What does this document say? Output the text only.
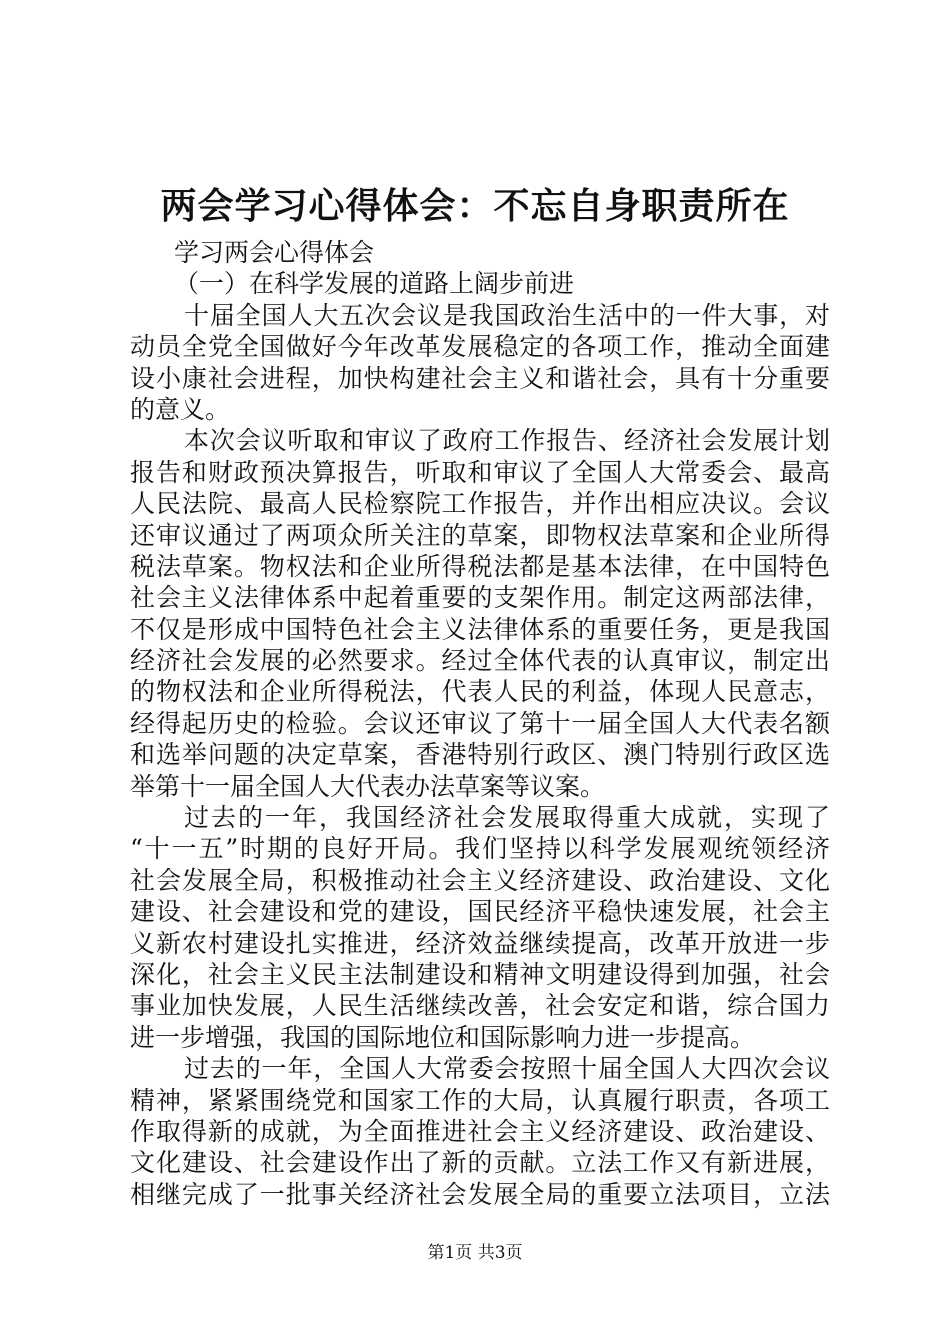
两会学习心得体会：不忘自身职责所在
学习两会心得体会
（一）在科学发展的道路上阔步前进
十届全国人大五次会议是我国政治生活中的一件大事，对
动员全党全国做好今年改革发展稳定的各项工作，推动全面建
设小康社会进程，加快构建社会主义和谐社会，具有十分重要
的意义。
本次会议听取和审议了政府工作报告、经济社会发展计划
报告和财政预决算报告，听取和审议了全国人大常委会、最高
人民法院、最高人民检察院工作报告，并作出相应决议。会议
还审议通过了两项众所关注的草案，即物权法草案和企业所得
税法草案。物权法和企业所得税法都是基本法律，在中国特色
社会主义法律体系中起着重要的支架作用。制定这两部法律，
不仅是形成中国特色社会主义法律体系的重要任务，更是我国
经济社会发展的必然要求。经过全体代表的认真审议，制定出
的物权法和企业所得税法，代表人民的利益，体现人民意志，
经得起历史的检验。会议还审议了第十一届全国人大代表名额
和选举问题的决定草案，香港特别行政区、澳门特别行政区选
举第十一届全国人大代表办法草案等议案。
过去的一年，我国经济社会发展取得重大成就，实现了
“十一五”时期的良好开局。我们坚持以科学发展观统领经济
社会发展全局，积极推动社会主义经济建设、政治建设、文化
建设、社会建设和党的建设，国民经济平稳快速发展，社会主
义新农村建设扎实推进，经济效益继续提高，改革开放进一步
深化，社会主义民主法制建设和精神文明建设得到加强，社会
事业加快发展，人民生活继续改善，社会安定和谐，综合国力
进一步增强，我国的国际地位和国际影响力进一步提高。
过去的一年，全国人大常委会按照十届全国人大四次会议
精神，紧紧围绕党和国家工作的大局，认真履行职责，各项工
作取得新的成就，为全面推进社会主义经济建设、政治建设、
文化建设、社会建设作出了新的贡献。立法工作又有新进展，
相继完成了一批事关经济社会发展全局的重要立法项目，立法
第1页 共3页
